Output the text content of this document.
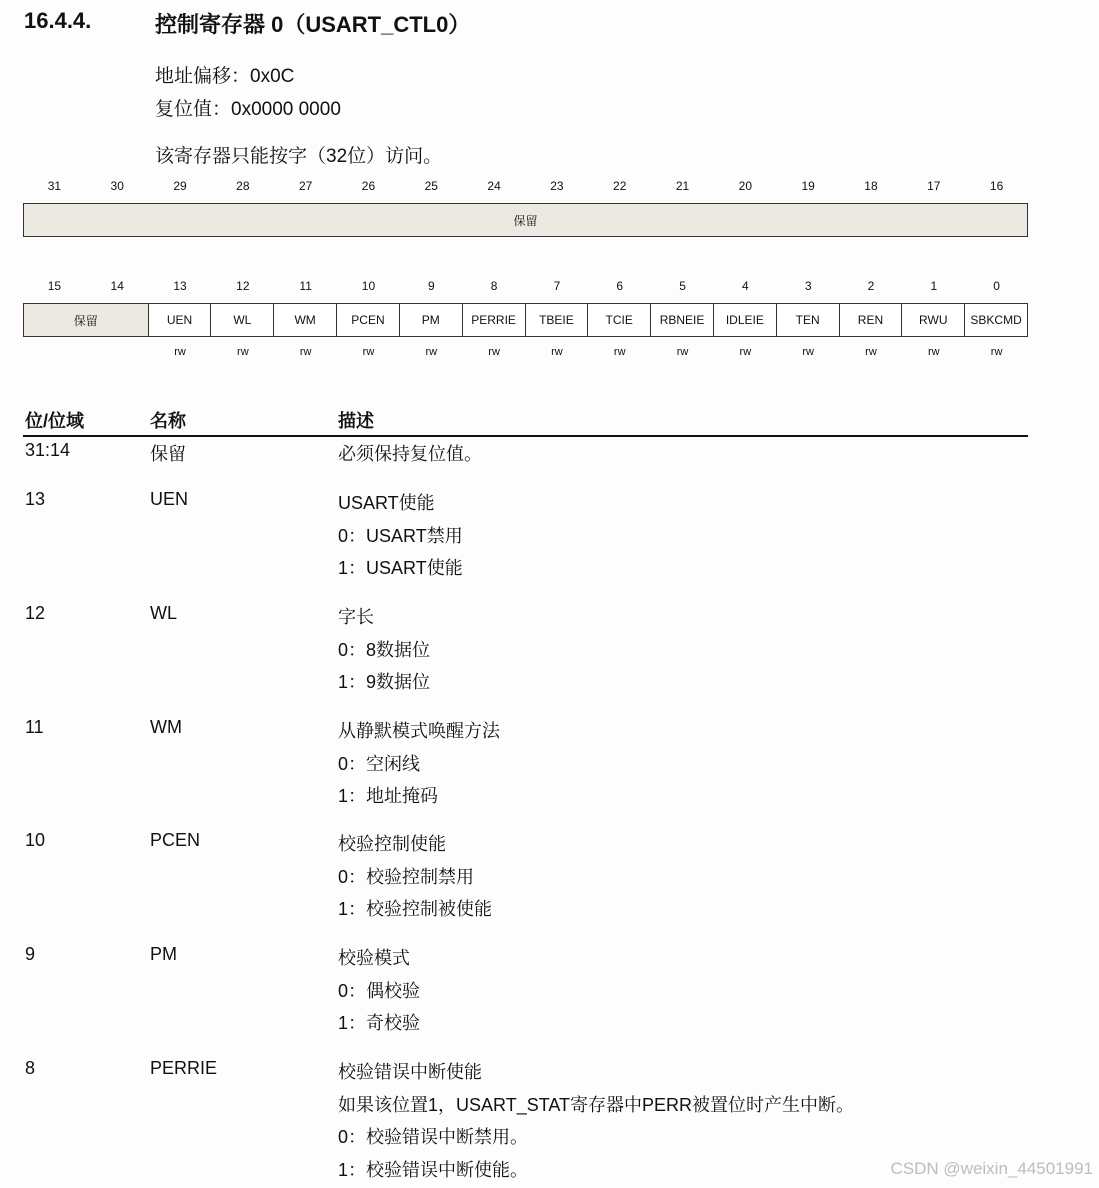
16.4.4.	控制寄存器 0（USART_CTL0）
地址偏移：0x0C
复位值：0x0000 0000
该寄存器只能按字（32位）访问。
31	30	29	28	27	26	25	24	23	22	21	20	19	18	17	16
保留
15	14	13	12	11	10	9	8	7	6	5	4	3	2	1	0
保留	UEN	WL	WM	PCEN	PM	PERRIE	TBEIE	TCIE	RBNEIE	IDLEIE	TEN	REN	RWU	SBKCMD
rw	rw	rw	rw	rw	rw	rw	rw	rw	rw	rw	rw	rw	rw
位/位域	名称	描述
31:14	保留	必须保持复位值。
13	UEN	USART使能
0：USART禁用
1：USART使能
12	WL	字长
0：8数据位
1：9数据位
11	WM	从静默模式唤醒方法
0：空闲线
1：地址掩码
10	PCEN	校验控制使能
0：校验控制禁用
1：校验控制被使能
9	PM	校验模式
0：偶校验
1：奇校验
8	PERRIE	校验错误中断使能
如果该位置1，USART_STAT寄存器中PERR被置位时产生中断。
0：校验错误中断禁用。
1：校验错误中断使能。	CSDN @weixin_44501991
